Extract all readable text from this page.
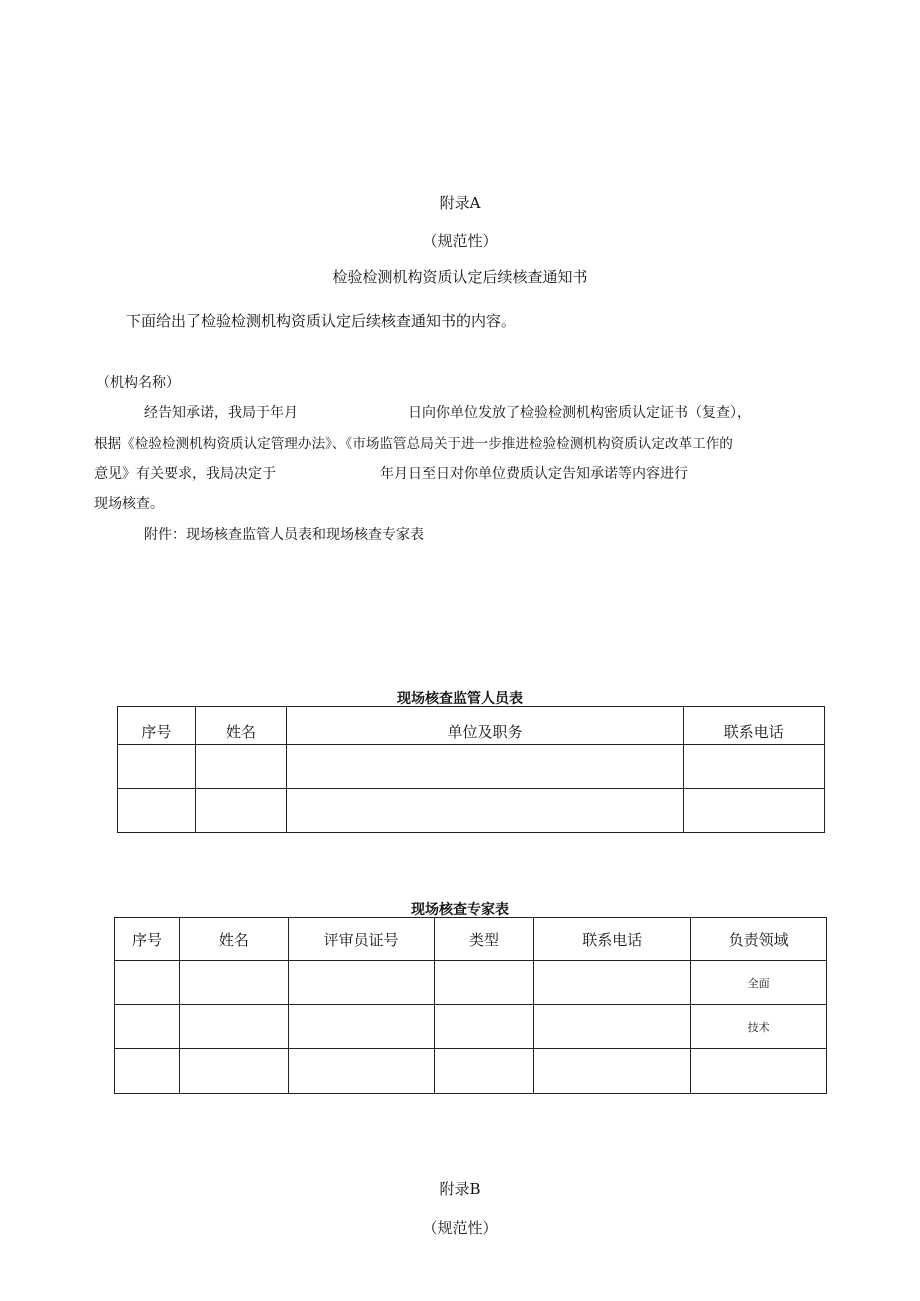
附录A
（规范性）
检验检测机构资质认定后续核查通知书
下面给出了检验检测机构资质认定后续核查通知书的内容。
（机构名称）
经告知承诺，我局于年月	日向你单位发放了检验检测机构密质认定证书（复查），
根据《检验检测机构资质认定管理办法》、《市场监管总局关于进一步推进检验检测机构资质认定改革工作的
意见》有关要求，我局决定于	年月日至日对你单位费质认定告知承诺等内容进行
现场核查。
附件：现场核查监管人员表和现场核查专家表
现场核查监管人员表
序号	姓名	单位及职务	联系电话

现场核查专家表
序号	姓名	评审员证号	类型	联系电话	负责领域
					全面
					技术

附录B
（规范性）
